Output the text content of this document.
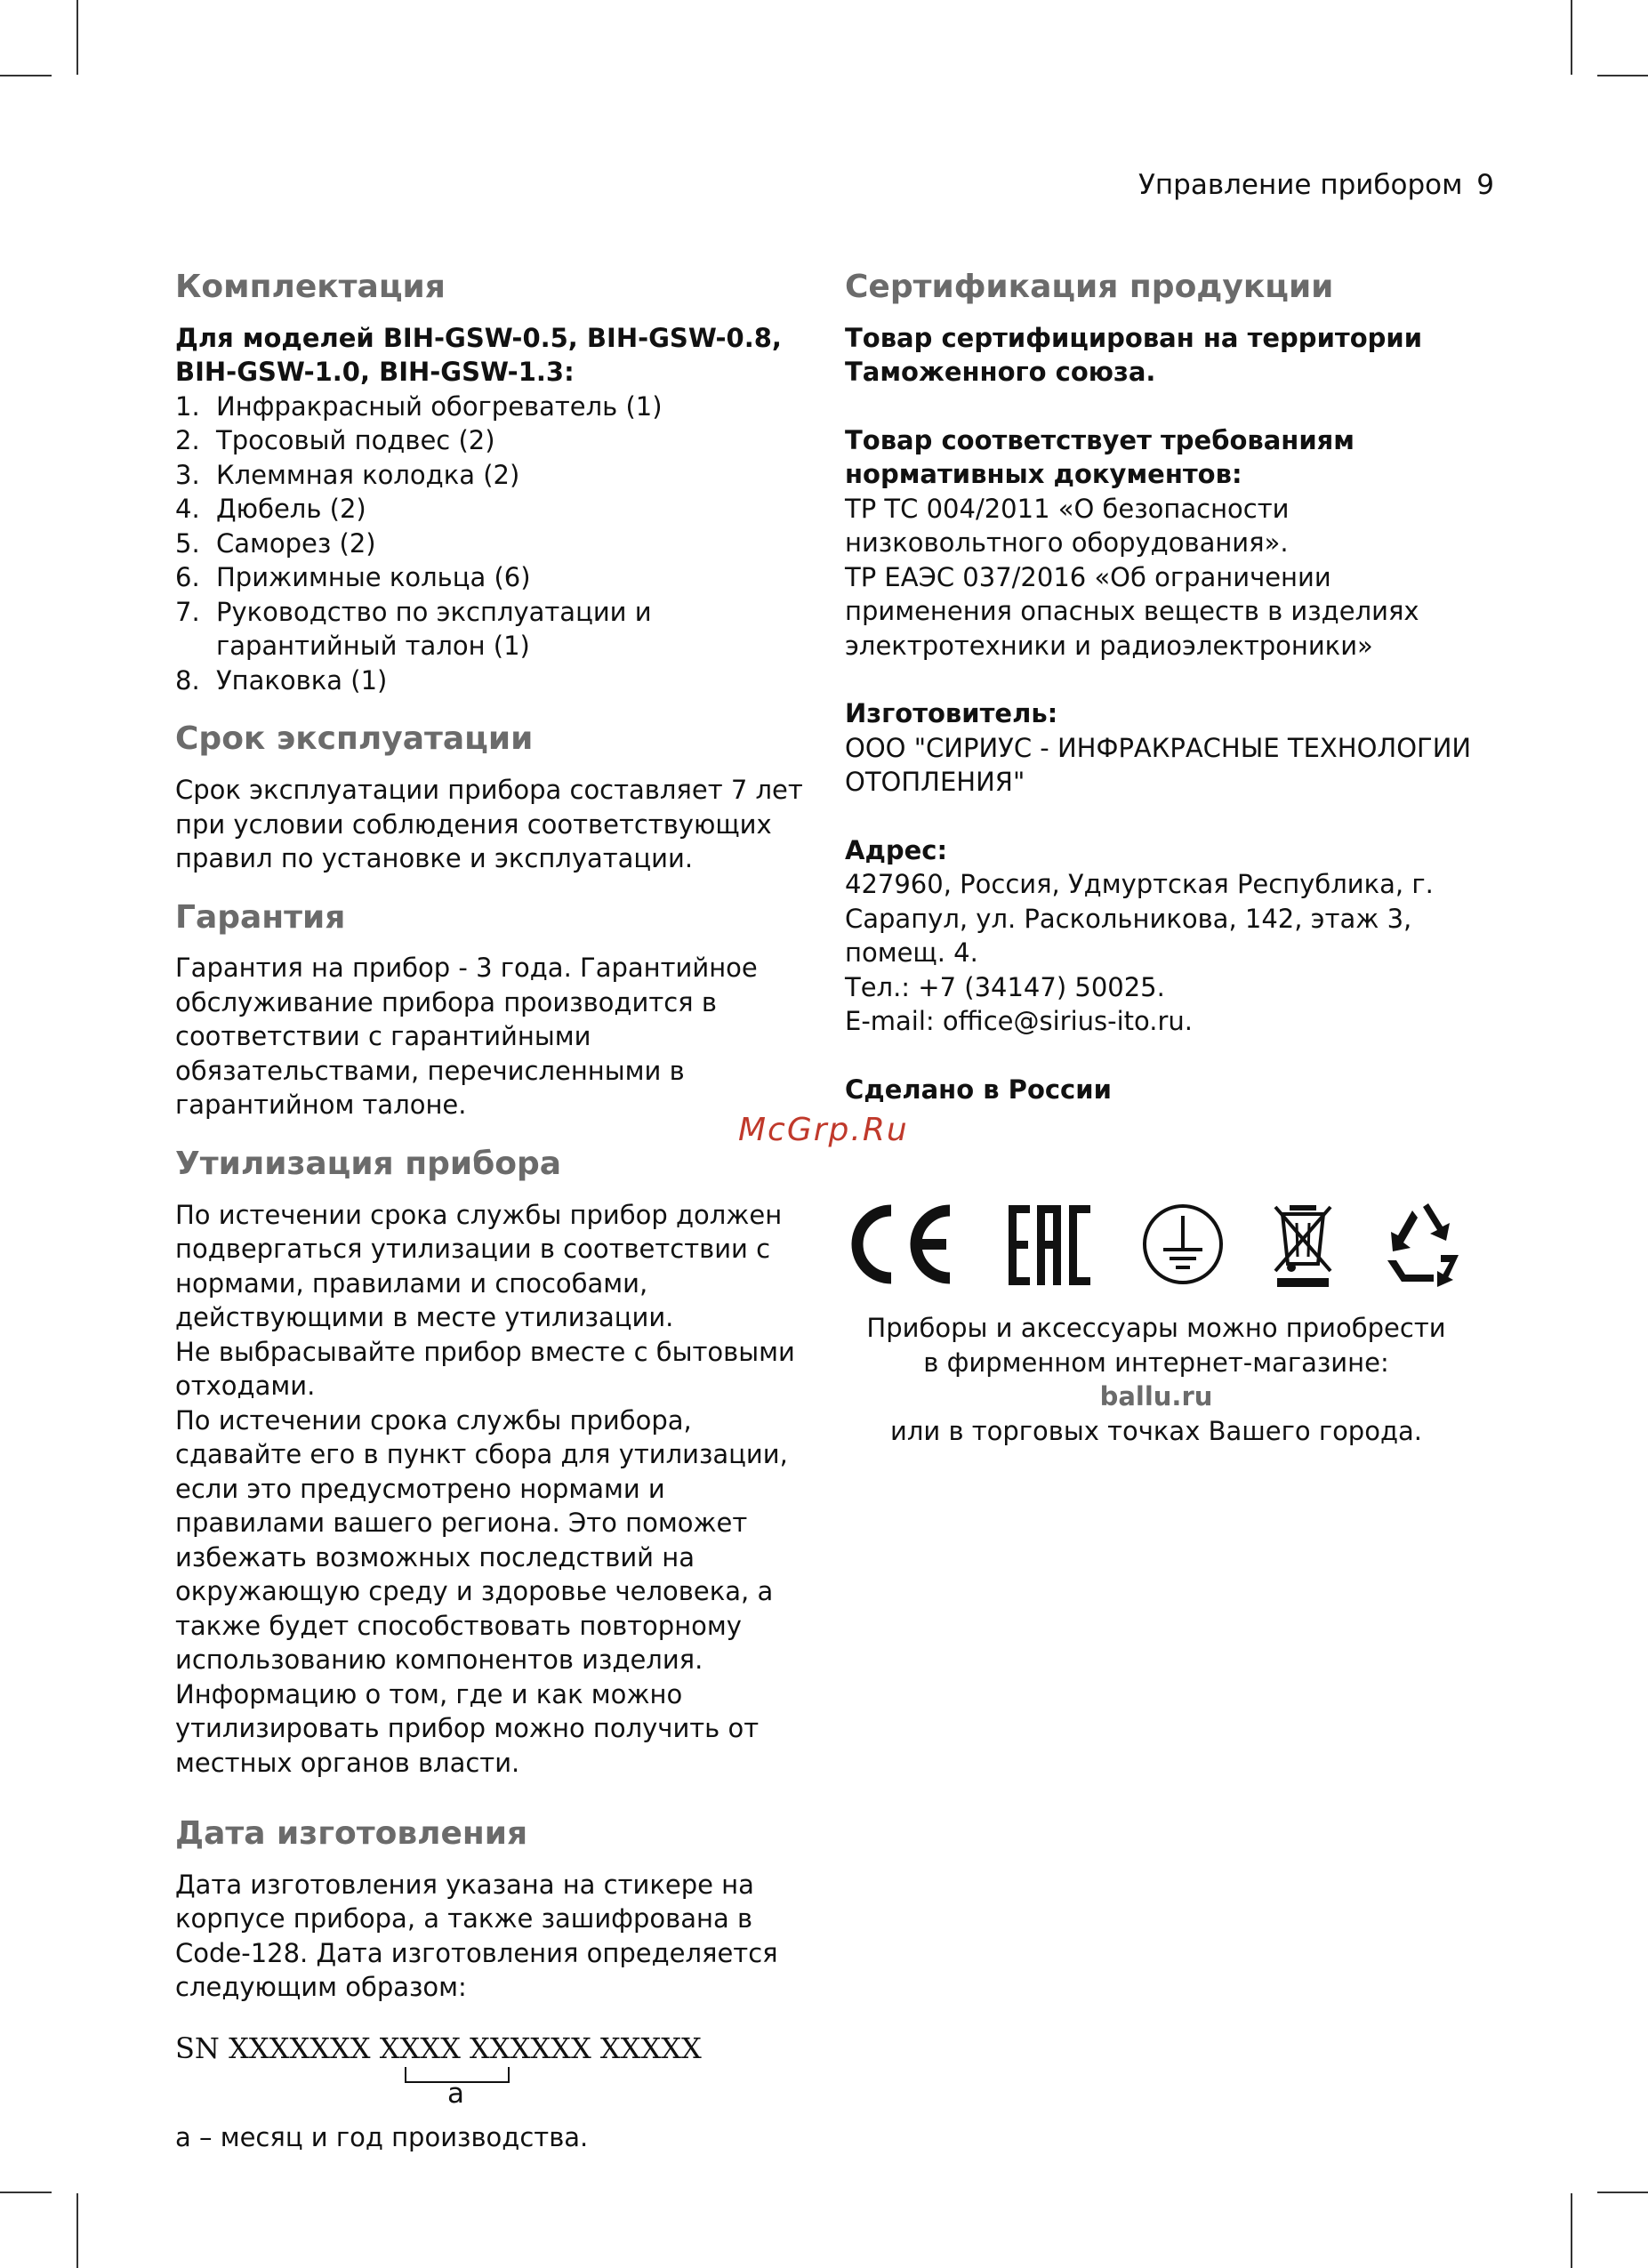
Управление прибором 9
McGrp.Ru
Комплектация
Для моделей BIH-GSW-0.5, BIH-GSW-0.8, BIH-GSW-1.0, BIH-GSW-1.3:
1. Инфракрасный обогреватель (1)
2. Тросовый подвес (2)
3. Клеммная колодка (2)
4. Дюбель (2)
5. Саморез (2)
6. Прижимные кольца (6)
7. Руководство по эксплуатации и гарантийный талон (1)
8. Упаковка (1)
Срок эксплуатации

Срок эксплуатации прибора составляет 7 лет при условии соблюдения соответствующих правил по установке и эксплуатации.

Гарантия

Гарантия на прибор - 3 года. Гарантийное обслуживание прибора производится в соответствии с гарантийными обязательствами, перечисленными в гарантийном талоне.

Утилизация прибора

По истечении срока службы прибор должен подвергаться утилизации в соответствии с нормами, правилами и способами, действующими в месте утилизации.

Не выбрасывайте прибор вместе с бытовыми отходами.

По истечении срока службы прибора, сдавайте его в пункт сбора для утилизации, если это предусмотрено нормами и правилами вашего региона. Это поможет избежать возможных последствий на окружающую среду и здоровье человека, а также будет способствовать повторному использованию компонентов изделия.

Информацию о том, где и как можно утилизировать прибор можно получить от местных органов власти.

Дата изготовления

Дата изготовления указана на стикере на корпусе прибора, а также зашифрована в Code-128. Дата изготовления определяется следующим образом:

SN XXXXXXX XXXX XXXXXX XXXXX
a

a – месяц и год производства.

Сертификация продукции

Товар сертифицирован на территории Таможенного союза.

Товар соответствует требованиям нормативных документов:

ТР ТС 004/2011 «О безопасности низковольтного оборудования».

ТР ЕАЭС 037/2016 «Об ограничении применения опасных веществ в изделиях электротехники и радиоэлектроники»

Изготовитель:

ООО "СИРИУС - ИНФРАКРАСНЫЕ ТЕХНОЛОГИИ ОТОПЛЕНИЯ"

Адрес:

427960, Россия, Удмуртская Республика, г. Сарапул, ул. Раскольникова, 142, этаж 3, помещ. 4.

Тел.: +7 (34147) 50025.

E-mail: office@sirius-ito.ru.

Сделано в России

Приборы и аксессуары можно приобрести
в фирменном интернет-магазине:
ballu.ru
или в торговых точках Вашего города.
